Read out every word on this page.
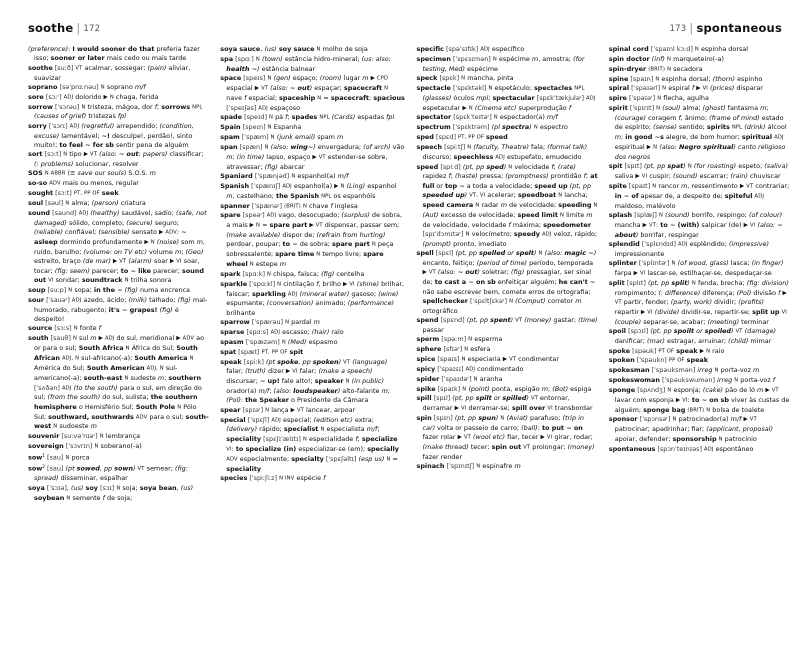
soothe | 172	173 | spontaneous
(preference): I would sooner do that preferia fazer isso; sooner or later mais cedo ou mais tarde
soothe [suːð] VT acalmar, sossegar; (pain) aliviar, suavizar
soprano [səˈprɑːnəu] N soprano m/f
sore [sɔːʳ] ADJ dolorido ▶ N chaga, ferida
sorrow [ˈsɔrəu] N tristeza, mágoa, dor f; sorrows NPL (causes of grief) tristezas fpl
sorry [ˈsɔrɪ] ADJ (regretful) arrependido; (condition, excuse) lamentável; ~! desculpe!, perdão!, sinto muito!; to feel ~ for sb sentir pena de alguém
sort [sɔːt] N tipo ▶ VT (also: ~ out: papers) classificar; (: problems) solucionar, resolver
SOS N ABBR (≡ save our souls) S.O.S. m
so-so ADV mais ou menos, regular
sought [sɔːt] PT, PP OF seek
soul [səul] N alma; (person) criatura
sound [saund] ADJ (healthy) saudável, sadio; (safe, not damaged) sólido, completo; (secure) seguro; (reliable) confiável; (sensible) sensato ▶ ADV: ~ asleep dormindo profundamente ▶ N (noise) som m, ruído, barulho; (volume: on TV etc) volume m; (Geo) estreito, braço (de mar) ▶ VT (alarm) soar ▶ VI soar, tocar; (fig: seem) parecer; to ~ like parecer; sound out VI sondar; soundtrack N trilha sonora
soup [suːp] N sopa; in the ~ (fig) numa encrenca
sour [ˈsauəʳ] ADJ azedo, ácido; (milk) talhado; (fig) mal-humorado, rabugento; it's ~ grapes! (fig) é despeito!
source [sɔːs] N fonte f
south [sauθ] N sul m ▶ ADJ do sul, meridional ▶ ADV ao or para o sul; South Africa N África do Sul; South African ADJ, N sul-africano(-a); South America N América do Sul; South American ADJ, N sul-americano(-a); south-east N sudeste m; southern [ˈsʌðən] ADJ (to the south) para o sul, em direção do sul; (from the south) do sul, sulista; the southern hemisphere o Hemisfério Sul; South Pole N Pólo Sul; southward, southwards ADV para o sul; south-west N sudoeste m
souvenir [suːvəˈnɪəʳ] N lembrança
sovereign [ˈsɔvrɪn] N soberano(-a)
sow$^1$ [sau] N porca
sow$^2$ [sau] (pt sowed, pp sown) VT semear; (fig: spread) disseminar, espalhar
soya [ˈsɔɪə], (us) soy [sɔɪ] N soja; soya bean, (us) soybean N semente f de soja;
soya sauce, (us) soy sauce N molho de soja
spa [spɑː] N (town) estância hidro-mineral; (us: also: health ~) estância balnear
space [speɪs] N (gen) espaço; (room) lugar m ▶ CPD espacial ▶ VT (also: ~ out) espaçar; spacecraft N nave f espacial; spaceship N = spacecraft; spacious [ˈspeɪʃəs] ADJ espaçoso
spade [speɪd] N pá f; spades NPL (Cards) espadas fpl
Spain [speɪn] N Espanha
spam [ˈspæm] N (junk email) spam m
span [spæn] N (also: wing~) envergadura; (of arch) vão m; (in time) lapso, espaço ▶ VT estender-se sobre, atravessar; (fig) abarcar
Spaniard [ˈspænjəd] N espanhol(a) m/f
Spanish [ˈspænɪʃ] ADJ espanhol(a) ▶ N (Ling) espanhol m, castelhano; the Spanish NPL os espanhóis
spanner [ˈspænəʳ] (BRIT) N chave f inglesa
spare [speəʳ] ADJ vago, desocupado; (surplus) de sobra, a mais ▶ N = spare part ▶ VT dispensar, passar sem; (make available) dispor de; (refrain from hurting) perdoar, poupar; to ~ de sobra; spare part N peça sobressalente; spare time N tempo livre; spare wheel N estepe m
spark [spɑːk] N chispa, faísca; (fig) centelha
sparkle [ˈspɑːkl] N cintilação f, brilho ▶ VI (shine) brilhar, faiscar; sparkling ADJ (mineral water) gasoso; (wine) espumante; (conversation) animado; (performance) brilhante
sparrow [ˈspærəu] N pardal m
sparse [spɑːs] ADJ escasso; (hair) ralo
spasm [ˈspæzəm] N (Med) espasmo
spat [spæt] PT, PP OF spit
speak [spiːk] (pt spoke, pp spoken) VT (language) falar; (truth) dizer ▶ VI falar; (make a speech) discursar; ~ up! fale alto!; speaker N (in public) orador(a) m/f; (also: loudspeaker) alto-falante m; (Pol): the Speaker o Presidente da Câmara
spear [spɪəʳ] N lança ▶ VT lancear, arpoar
special [ˈspɛʃl] ADJ especial; (edition etc) extra; (delivery) rápido; specialist N especialista m/f; speciality [spɛʃɪˈælɪtɪ] N especialidade f; specialize VI: to specialize (in) especializar-se (em); specially ADV especialmente; specialty [ˈspɛʃəltɪ] (esp us) N = speciality
species [ˈspiːʃiːz] N INV espécie f
specific [spəˈsɪfɪk] ADJ específico
specimen [ˈspɛsɪmən] N espécime m, amostra; (for testing, Med) espécime
speck [spɛk] N mancha, pinta
spectacle [ˈspɛktəkl] N espetáculo; spectacles NPL (glasses) óculos mpl; spectacular [spɛkˈtækjuləʳ] ADJ espetacular ▶ N (Cinema etc) superprodução f
spectator [spɛkˈteɪtəʳ] N espectador(a) m/f
spectrum [ˈspɛktrəm] (pl spectra) N espectro
sped [spɛd] PT, PP OF speed
speech [spiːtʃ] N (faculty, Theatre) fala; (formal talk) discurso; speechless ADJ estupefato, emudecido
speed [spiːd] (pt, pp sped) N velocidade f; (rate) rapidez f; (haste) pressa; (promptness) prontidão f; at full or top ~ a toda a velocidade; speed up (pt, pp speeded up) VT, VI acelerar; speedboat N lancha; speed camera N radar m de velocidade; speeding N (Aut) excesso de velocidade; speed limit N limite m de velocidade, velocidade f máxima; speedometer [spɪˈdɔmɪtəʳ] N velocímetro; speedy ADJ veloz, rápido; (prompt) pronto, imediato
spell [spɛl] (pt, pp spelled or spelt) N (also: magic ~) encanto, feitiço; (period of time) período, temporada ▶ VT (also: ~ out) soletrar; (fig) pressagiar, ser sinal de; to cast a ~ on sb enfeitiçar alguém; he can't ~ não sabe escrever bem, comete erros de ortografia; spellchecker [ˈspɛltʃɛkəʳ] N (Comput) corretor m ortográfico
spend [spɛnd] (pt, pp spent) VT (money) gastar; (time) passar
sperm [spəːm] N esperma
sphere [sfɪəʳ] N esfera
spice [spaɪs] N especiaria ▶ VT condimentar
spicy [ˈspaɪsɪ] ADJ condimentado
spider [ˈspaɪdəʳ] N aranha
spike [spaɪk] N (point) ponta, espigão m; (Bot) espiga
spill [spɪl] (pt, pp spilt or spilled) VT entornar, derramar ▶ VI derramar-se; spill over VI transbordar
spin [spɪn] (pt, pp spun) N (Aviat) parafuso; (trip in car) volta or passeio de carro; (ball): to put ~ on fazer rolar ▶ VT (wool etc) fiar, tecer ▶ VI girar, rodar; (make thread) tecer; spin out VT prolongar; (money) fazer render
spinach [ˈspɪnɪtʃ] N espinafre m
spinal cord [ˈspaɪnl kɔːd] N espinha dorsal
spin doctor (inf) N marqueteiro(-a)
spin-dryer (BRIT) N secadora
spine [spaɪn] N espinha dorsal; (thorn) espinho
spiral [ˈspaɪərl] N espiral f ▶ VI (prices) disparar
spire [ˈspaɪəʳ] N flecha, agulha
spirit [ˈspɪrɪt] N (soul) alma; (ghost) fantasma m; (courage) coragem f, ânimo; (frame of mind) estado de espírito; (sense) sentido; spirits NPL (drink) álcool m; in good ~s alegre, de bom humor; spiritual ADJ espiritual ▶ N (also: Negro spiritual) canto religioso dos negros
spit [spɪt] (pt, pp spat) N (for roasting) espeto; (saliva) saliva ▶ VI cuspir; (sound) escarrar; (rain) chuviscar
spite [spaɪt] N rancor m, ressentimento ▶ VT contrariar; in ~ of apesar de, a despeito de; spiteful ADJ maldoso, malévolo
splash [splæʃ] N (sound) borrifo, respingo; (of colour) mancha ▶ VT: to ~ (with) salpicar (de) ▶ VI (also: ~ about) borrifar, respingar
splendid [ˈsplɛndɪd] ADJ esplêndido; (impressive) impressionante
splinter [ˈsplɪntəʳ] N (of wood, glass) lasca; (in finger) farpa ▶ VI lascar-se, estilhaçar-se, despedaçar-se
split [splɪt] (pt, pp split) N fenda, brecha; (fig: division) rompimento; (: difference) diferença; (Pol) divisão f ▶ VT partir, fender; (party, work) dividir; (profits) repartir ▶ VI (divide) dividir-se, repartir-se; split up VI (couple) separar-se, acabar; (meeting) terminar
spoil [spɔɪl] (pt, pp spoilt or spoiled) VT (damage) danificar; (mar) estragar, arruinar; (child) mimar
spoke [spəuk] PT OF speak ▶ N raio
spoken [ˈspəukn] PP OF speak
spokesman [ˈspəuksmən] irreg N porta-voz m
spokeswoman [ˈspəukswumən] irreg N porta-voz f
sponge [spʌndʒ] N esponja; (cake) pão de ló m ▶ VT lavar com esponja ▶ VI: to ~ on sb viver às custas de alguém; sponge bag (BRIT) N bolsa de toalete
sponsor [ˈspɔnsəʳ] N patrocinador(a) m/f ▶ VT patrocinar; apadrinhar; fiar; (applicant, proposal) apoiar, defender; sponsorship N patrocínio
spontaneous [spɔnˈteɪnɪəs] ADJ espontâneo
